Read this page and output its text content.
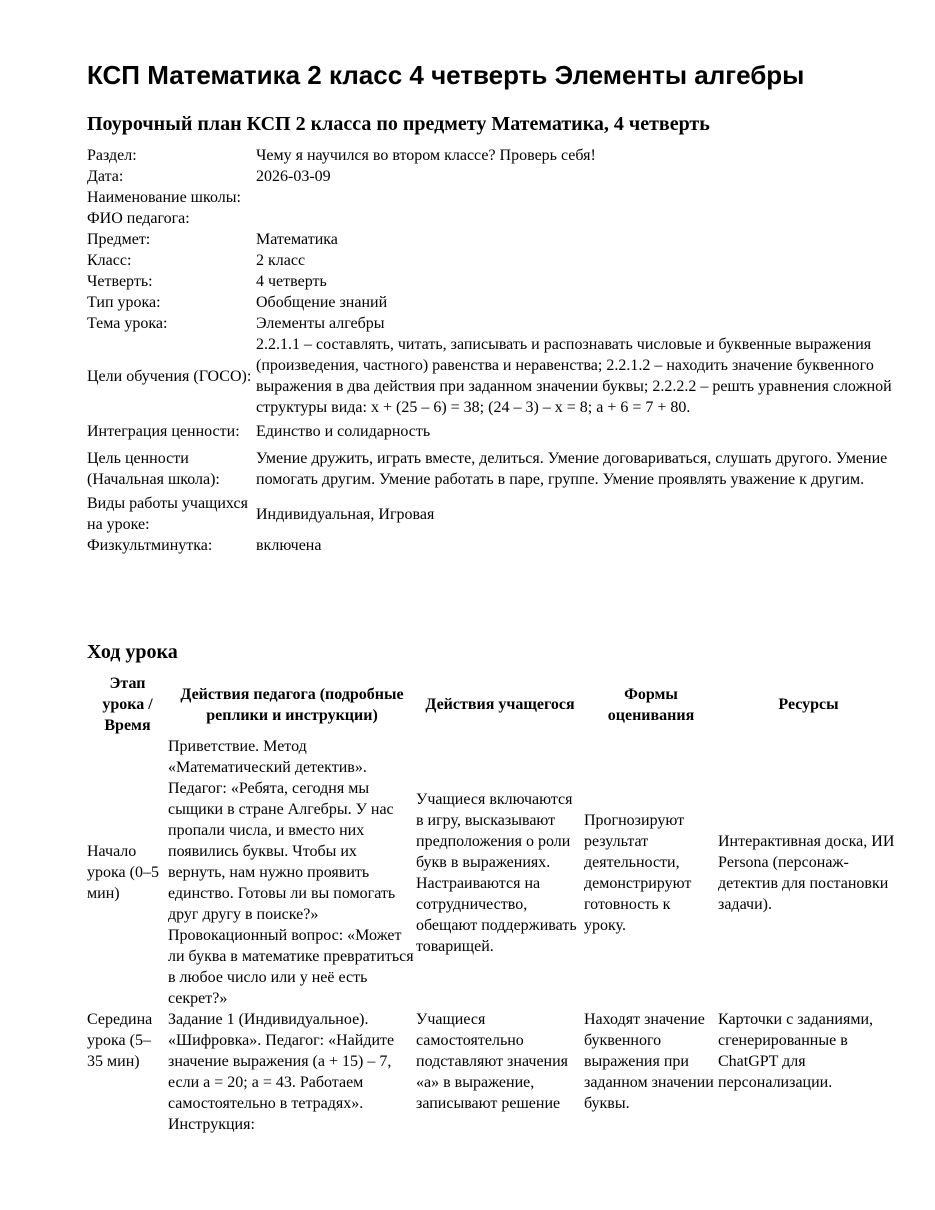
КСП Математика 2 класс 4 четверть Элементы алгебры
Поурочный план КСП 2 класса по предмету Математика, 4 четверть
Раздел:	Чему я научился во втором классе? Проверь себя!
Дата:	2026-03-09
Наименование школы:	
ФИО педагога:	
Предмет:	Математика
Класс:	2 класс
Четверть:	4 четверть
Тип урока:	Обобщение знаний
Тема урока:	Элементы алгебры
Цели обучения (ГОСО):	2.2.1.1 – составлять, читать, записывать и распознавать числовые и буквенные выражения (произведения, частного) равенства и неравенства; 2.2.1.2 – находить значение буквенного выражения в два действия при заданном значении буквы; 2.2.2.2 – решть уравнения сложной структуры вида: х + (25 – 6) = 38; (24 – 3) – х = 8; а + 6 = 7 + 80.
Интеграция ценности:	Единство и солидарность
Цель ценности (Начальная школа):	Умение дружить, играть вместе, делиться. Умение договариваться, слушать другого. Умение помогать другим. Умение работать в паре, группе. Умение проявлять уважение к другим.
Виды работы учащихся на уроке:	Индивидуальная, Игровая
Физкультминутка:	включена
Ход урока
Этап урока / Время	Действия педагога (подробные реплики и инструкции)	Действия учащегося	Формы оценивания	Ресурсы
Начало урока (0–5 мин)	Приветствие. Метод «Математический детектив». Педагог: «Ребята, сегодня мы сыщики в стране Алгебры. У нас пропали числа, и вместо них появились буквы. Чтобы их вернуть, нам нужно проявить единство. Готовы ли вы помогать друг другу в поиске?» Провокационный вопрос: «Может ли буква в математике превратиться в любое число или у неё есть секрет?»	Учащиеся включаются в игру, высказывают предположения о роли букв в выражениях. Настраиваются на сотрудничество, обещают поддерживать товарищей.	Прогнозируют результат деятельности, демонстрируют готовность к уроку.	Интерактивная доска, ИИ Persona (персонаж-детектив для постановки задачи).
Середина урока (5–35 мин)	Задание 1 (Индивидуальное). «Шифровка». Педагог: «Найдите значение выражения (а + 15) – 7, если а = 20; а = 43. Работаем самостоятельно в тетрадях». Инструкция:	Учащиеся самостоятельно подставляют значения «а» в выражение, записывают решение	Находят значение буквенного выражения при заданном значении буквы.	Карточки с заданиями, сгенерированные в ChatGPT для персонализации.
